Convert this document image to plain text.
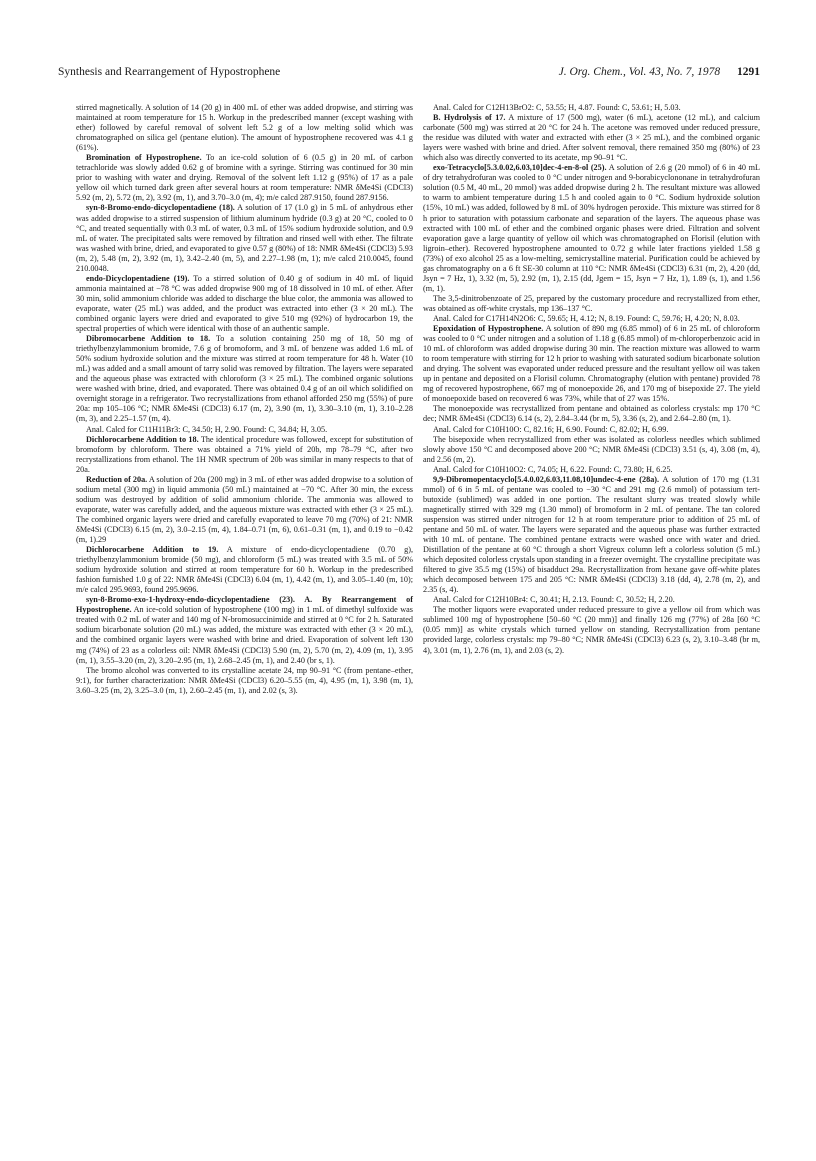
Synthesis and Rearrangement of Hypostrophene	J. Org. Chem., Vol. 43, No. 7, 1978 1291

stirred magnetically. A solution of 14 (20 g) in 400 mL of ether was added dropwise, and stirring was maintained at room temperature for 15 h. Workup in the predescribed manner (except washing with ether) followed by careful removal of solvent left 5.2 g of a low melting solid which was chromatographed on silica gel (pentane elution). The amount of hypostrophene recovered was 4.1 g (61%).

Bromination of Hypostrophene. To an ice-cold solution of 6 (0.5 g) in 20 mL of carbon tetrachloride was slowly added 0.62 g of bromine with a syringe. Stirring was continued for 30 min prior to washing with water and drying. Removal of the solvent left 1.12 g (95%) of 17 as a pale yellow oil which turned dark green after several hours at room temperature: NMR δMe4Si (CDCl3) 5.92 (m, 2), 5.72 (m, 2), 3.92 (m, 1), and 3.70–3.0 (m, 4); m/e calcd 287.9150, found 287.9156.

syn-8-Bromo-endo-dicyclopentadiene (18). A solution of 17 (1.0 g) in 5 mL of anhydrous ether was added dropwise to a stirred suspension of lithium aluminum hydride (0.3 g) at 20 °C, cooled to 0 °C, and treated sequentially with 0.3 mL of water, 0.3 mL of 15% sodium hydroxide solution, and 0.9 mL of water. The precipitated salts were removed by filtration and rinsed well with ether. The filtrate was washed with brine, dried, and evaporated to give 0.57 g (80%) of 18: NMR δMe4Si (CDCl3) 5.93 (m, 2), 5.48 (m, 2), 3.92 (m, 1), 3.42–2.40 (m, 5), and 2.27–1.98 (m, 1); m/e calcd 210.0045, found 210.0048.

endo-Dicyclopentadiene (19). To a stirred solution of 0.40 g of sodium in 40 mL of liquid ammonia maintained at −78 °C was added dropwise 900 mg of 18 dissolved in 10 mL of ether. After 30 min, solid ammonium chloride was added to discharge the blue color, the ammonia was allowed to evaporate, water (25 mL) was added, and the product was extracted into ether (3 × 20 mL). The combined organic layers were dried and evaporated to give 510 mg (92%) of hydrocarbon 19, the spectral properties of which were identical with those of an authentic sample.

Dibromocarbene Addition to 18. To a solution containing 250 mg of 18, 50 mg of triethylbenzylammonium bromide, 7.6 g of bromoform, and 3 mL of benzene was added 1.6 mL of 50% sodium hydroxide solution and the mixture was stirred at room temperature for 48 h. Water (10 mL) was added and a small amount of tarry solid was removed by filtration. The layers were separated and the aqueous phase was extracted with chloroform (3 × 25 mL). The combined organic solutions were washed with brine, dried, and evaporated. There was obtained 0.4 g of an oil which solidified on overnight storage in a refrigerator. Two recrystallizations from ethanol afforded 250 mg (55%) of pure 20a: mp 105–106 °C; NMR δMe4Si (CDCl3) 6.17 (m, 2), 3.90 (m, 1), 3.30–3.10 (m, 1), 3.10–2.28 (m, 3), and 2.25–1.57 (m, 4).

Anal. Calcd for C11H11Br3: C, 34.50; H, 2.90. Found: C, 34.84; H, 3.05.

Dichlorocarbene Addition to 18. The identical procedure was followed, except for substitution of bromoform by chloroform. There was obtained a 71% yield of 20b, mp 78–79 °C, after two recrystallizations from ethanol. The 1H NMR spectrum of 20b was similar in many respects to that of 20a.

Reduction of 20a. A solution of 20a (200 mg) in 3 mL of ether was added dropwise to a solution of sodium metal (300 mg) in liquid ammonia (50 mL) maintained at −70 °C. After 30 min, the excess sodium was destroyed by addition of solid ammonium chloride. The ammonia was allowed to evaporate, water was carefully added, and the aqueous mixture was extracted with ether (3 × 25 mL). The combined organic layers were dried and carefully evaporated to leave 70 mg (70%) of 21: NMR δMe4Si (CDCl3) 6.15 (m, 2), 3.0–2.15 (m, 4), 1.84–0.71 (m, 6), 0.61–0.31 (m, 1), and 0.19 to −0.42 (m, 1).29

Dichlorocarbene Addition to 19. A mixture of endo-dicyclopentadiene (0.70 g), triethylbenzylammonium bromide (50 mg), and chloroform (5 mL) was treated with 3.5 mL of 50% sodium hydroxide solution and stirred at room temperature for 60 h. Workup in the predescribed fashion furnished 1.0 g of 22: NMR δMe4Si (CDCl3) 6.04 (m, 1), 4.42 (m, 1), and 3.05–1.40 (m, 10); m/e calcd 295.9693, found 295.9696.

syn-8-Bromo-exo-1-hydroxy-endo-dicyclopentadiene (23). A. By Rearrangement of Hypostrophene. An ice-cold solution of hypostrophene (100 mg) in 1 mL of dimethyl sulfoxide was treated with 0.2 mL of water and 140 mg of N-bromosuccinimide and stirred at 0 °C for 2 h. Saturated sodium bicarbonate solution (20 mL) was added, the mixture was extracted with ether (3 × 20 mL), and the combined organic layers were washed with brine and dried. Evaporation of solvent left 130 mg (74%) of 23 as a colorless oil: NMR δMe4Si (CDCl3) 5.90 (m, 2), 5.70 (m, 2), 4.09 (m, 1), 3.95 (m, 1), 3.55–3.20 (m, 2), 3.20–2.95 (m, 1), 2.68–2.45 (m, 1), and 2.40 (br s, 1).

The bromo alcohol was converted to its crystalline acetate 24, mp 90–91 °C (from pentane–ether, 9:1), for further characterization: NMR δMe4Si (CDCl3) 6.20–5.55 (m, 4), 4.95 (m, 1), 3.98 (m, 1), 3.60–3.25 (m, 2), 3.25–3.0 (m, 1), 2.60–2.45 (m, 1), and 2.02 (s, 3).

Anal. Calcd for C12H13BrO2: C, 53.55; H, 4.87. Found: C, 53.61; H, 5.03.

B. Hydrolysis of 17. A mixture of 17 (500 mg), water (6 mL), acetone (12 mL), and calcium carbonate (500 mg) was stirred at 20 °C for 24 h. The acetone was removed under reduced pressure, the residue was diluted with water and extracted with ether (3 × 25 mL), and the combined organic layers were washed with brine and dried. After solvent removal, there remained 350 mg (80%) of 23 which also was directly converted to its acetate, mp 90–91 °C.

exo-Tetracyclo[5.3.0.02,6.03,10]dec-4-en-8-ol (25). A solution of 2.6 g (20 mmol) of 6 in 40 mL of dry tetrahydrofuran was cooled to 0 °C under nitrogen and 9-borabicyclononane in tetrahydrofuran solution (0.5 M, 40 mL, 20 mmol) was added dropwise during 2 h. The resultant mixture was allowed to warm to ambient temperature during 1.5 h and cooled again to 0 °C. Sodium hydroxide solution (15%, 10 mL) was added, followed by 8 mL of 30% hydrogen peroxide. This mixture was stirred for 8 h prior to saturation with potassium carbonate and separation of the layers. The aqueous phase was extracted with 100 mL of ether and the combined organic phases were dried. Filtration and solvent evaporation gave a large quantity of yellow oil which was chromatographed on Florisil (elution with ligroin–ether). Recovered hypostrophene amounted to 0.72 g while later fractions yielded 1.58 g (73%) of exo alcohol 25 as a low-melting, semicrystalline material. Purification could be achieved by gas chromatography on a 6 ft SE-30 column at 110 °C: NMR δMe4Si (CDCl3) 6.31 (m, 2), 4.20 (dd, Jsyn = 7 Hz, 1), 3.32 (m, 5), 2.92 (m, 1), 2.15 (dd, Jgem = 15, Jsyn = 7 Hz, 1), 1.89 (s, 1), and 1.56 (m, 1).

The 3,5-dinitrobenzoate of 25, prepared by the customary procedure and recrystallized from ether, was obtained as off-white crystals, mp 136–137 °C.

Anal. Calcd for C17H14N2O6: C, 59.65; H, 4.12; N, 8.19. Found: C, 59.76; H, 4.20; N, 8.03.

Epoxidation of Hypostrophene. A solution of 890 mg (6.85 mmol) of 6 in 25 mL of chloroform was cooled to 0 °C under nitrogen and a solution of 1.18 g (6.85 mmol) of m-chloroperbenzoic acid in 10 mL of chloroform was added dropwise during 30 min. The reaction mixture was allowed to warm to room temperature with stirring for 12 h prior to washing with saturated sodium bicarbonate solution and drying. The solvent was evaporated under reduced pressure and the resultant yellow oil was taken up in pentane and deposited on a Florisil column. Chromatography (elution with pentane) provided 78 mg of recovered hypostrophene, 667 mg of monoepoxide 26, and 170 mg of bisepoxide 27. The yield of monoepoxide based on recovered 6 was 73%, while that of 27 was 15%.

The monoepoxide was recrystallized from pentane and obtained as colorless crystals: mp 170 °C dec; NMR δMe4Si (CDCl3) 6.14 (s, 2), 2.84–3.44 (br m, 5), 3.36 (s, 2), and 2.64–2.80 (m, 1).

Anal. Calcd for C10H10O: C, 82.16; H, 6.90. Found: C, 82.02; H, 6.99.

The bisepoxide when recrystallized from ether was isolated as colorless needles which sublimed slowly above 150 °C and decomposed above 200 °C; NMR δMe4Si (CDCl3) 3.51 (s, 4), 3.08 (m, 4), and 2.56 (m, 2).

Anal. Calcd for C10H10O2: C, 74.05; H, 6.22. Found: C, 73.80; H, 6.25.

9,9-Dibromopentacyclo[5.4.0.02,6.03,11.08,10]undec-4-ene (28a). A solution of 170 mg (1.31 mmol) of 6 in 5 mL of pentane was cooled to −30 °C and 291 mg (2.6 mmol) of potassium tert-butoxide (sublimed) was added in one portion. The resultant slurry was treated slowly while magnetically stirred with 329 mg (1.30 mmol) of bromoform in 2 mL of pentane. The tan colored suspension was stirred under nitrogen for 12 h at room temperature prior to addition of 25 mL of pentane and 50 mL of water. The layers were separated and the aqueous phase was further extracted with 10 mL of pentane. The combined pentane extracts were washed once with water and dried. Distillation of the pentane at 60 °C through a short Vigreux column left a colorless solution (5 mL) which deposited colorless crystals upon standing in a freezer overnight. The crystalline precipitate was filtered to give 35.5 mg (15%) of bisadduct 29a. Recrystallization from hexane gave off-white plates which decomposed between 175 and 205 °C: NMR δMe4Si (CDCl3) 3.18 (dd, 4), 2.78 (m, 2), and 2.35 (s, 4).

Anal. Calcd for C12H10Br4: C, 30.41; H, 2.13. Found: C, 30.52; H, 2.20.

The mother liquors were evaporated under reduced pressure to give a yellow oil from which was sublimed 100 mg of hypostrophene [50–60 °C (20 mm)] and finally 126 mg (77%) of 28a [60 °C (0.05 mm)] as white crystals which turned yellow on standing. Recrystallization from pentane provided large, colorless crystals: mp 79–80 °C; NMR δMe4Si (CDCl3) 6.23 (s, 2), 3.10–3.48 (br m, 4), 3.01 (m, 1), 2.76 (m, 1), and 2.03 (s, 2).
